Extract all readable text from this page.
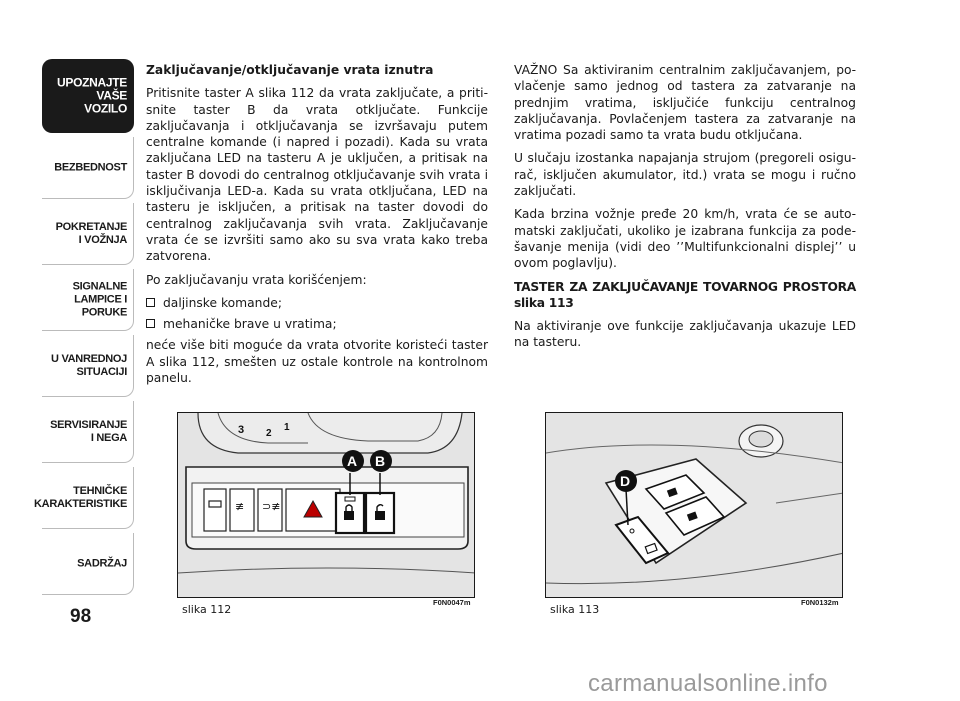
UPOZNAJTE
VAŠE
VOZILO
BEZBEDNOST
POKRETANJE
I VOŽNJA
SIGNALNE
LAMPICE I PORUKE
U VANREDNOJ
SITUACIJI
SERVISIRANJE
I NEGA
TEHNIČKE
KARAKTERISTIKE
SADRŽAJ
98

Zaključavanje/otključavanje vrata iznutra

Pritisnite taster A slika 112 da vrata zaključate, a pritisnite taster B da vrata otključate. Funkcije zaključavanja i otključavanja se izvršavaju putem centralne komande (i napred i pozadi). Kada su vrata zaključana LED na tasteru A je uključen, a pritisak na taster B dovodi do centralnog otključavanje svih vrata i isključivanja LED-a. Kada su vrata otključana, LED na tasteru je isključen, a pritisak na taster dovodi do centralnog zaključavanja svih vrata. Zaključavanje vrata će se izvršiti samo ako su sva vrata kako treba zatvorena.

Po zaključavanju vrata korišćenjem:

daljinske komande;
mehaničke brave u vratima;

neće više biti moguće da vrata otvorite koristeći taster A slika 112, smešten uz ostale kontrole na kontrolnom panelu.

VAŽNO Sa aktiviranim centralnim zaključavanjem, povlačenje samo jednog od tastera za zatvaranje na prednjim vratima, isključiće funkciju centralnog zaključavanja. Povlačenjem tastera za zatvaranje na vratima pozadi samo ta vrata budu otključana.

U slučaju izostanka napajanja strujom (pregoreli osigurač, isključen akumulator, itd.) vrata se mogu i ručno zaključati.

Kada brzina vožnje pređe 20 km/h, vrata će se automatski zaključati, ukoliko je izabrana funkcija za podešavanje menija (vidi deo ’’Multifunkcionalni displej’’ u ovom poglavlju).

TASTER ZA ZAKLJUČAVANJE TOVARNOG PROSTORA slika 113

Na aktiviranje ove funkcije zaključavanja ukazuje LED na tasteru.

3 2
1
≢ ⊃≢
A B
slika 112
F0N0047m
D
slika 113
F0N0132m
carmanualsonline.info
